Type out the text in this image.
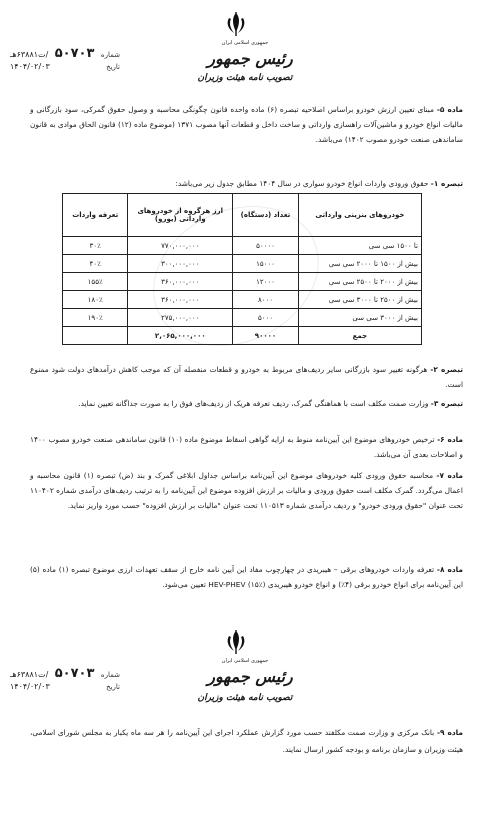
شماره
۵۰۷۰۳
/ت۶۳۸۸۱هـ
تاریخ
۱۴۰۴/۰۲/۰۳
جمهوری اسلامی ایران
رئیس جمهور
تصویب نامه هیئت وزیران
ماده ۵- مبنای تعیین ارزش خودرو براساس اصلاحیه تبصره (۶) ماده واحده قانون چگونگی محاسبه و وصول حقوق گمرکی، سود بازرگانی و مالیات انواع خودرو و ماشین‌آلات راهسازی وارداتی و ساخت داخل و قطعات آنها مصوب ۱۳۷۱ (موضوع ماده (۱۲) قانون الحاق موادی به قانون ساماندهی صنعت خودرو مصوب ۱۴۰۲) می‌باشد.
تبصره ۱- حقوق ورودی واردات انواع خودرو سواری در سال ۱۴۰۴ مطابق جدول زیر می‌باشد:
خودروهای بنزینی وارداتی	تعداد (دستگاه)	ارز هرگروه از خودروهای وارداتی (یورو)	تعرفه واردات
تا ۱۵۰۰ سی سی	۵۰۰۰۰	۷۷۰,۰۰۰,۰۰۰	۳۰٪
بیش از ۱۵۰۰ تا ۲۰۰۰ سی سی	۱۵۰۰۰	۳۰۰,۰۰۰,۰۰۰	۴۰٪
بیش از ۲۰۰۰ تا ۲۵۰۰ سی سی	۱۲۰۰۰	۳۶۰,۰۰۰,۰۰۰	۱۵۵٪
بیش از ۲۵۰۰ تا ۳۰۰۰ سی سی	۸۰۰۰	۳۶۰,۰۰۰,۰۰۰	۱۸۰٪
بیش از ۳۰۰۰ سی سی	۵۰۰۰	۲۷۵,۰۰۰,۰۰۰	۱۹۰٪
جمع	۹۰۰۰۰	۲,۰۶۵,۰۰۰,۰۰۰	
تبصره ۲- هرگونه تغییر سود بازرگانی سایر ردیف‌های مربوط به خودرو و قطعات منفصله آن که موجب کاهش درآمدهای دولت شود ممنوع است.
تبصره ۳- وزارت صمت مکلف است با هماهنگی گمرک، ردیف تعرفه هریک از ردیف‌های فوق را به صورت جداگانه تعیین نماید.
ماده ۶- ترخیص خودروهای موضوع این آیین‌نامه منوط به ارایه گواهی اسقاط موضوع ماده (۱۰) قانون ساماندهی صنعت خودرو مصوب ۱۴۰۰ و اصلاحات بعدی آن می‌باشد.
ماده ۷- محاسبه حقوق ورودی کلیه خودروهای موضوع این آیین‌نامه براساس جداول ابلاغی گمرک و بند (ض) تبصره (۱) قانون محاسبه و اعمال می‌گردد. گمرک مکلف است حقوق ورودی و مالیات بر ارزش افزوده موضوع این آیین‌نامه را به ترتیب ردیف‌های درآمدی شماره ۱۱۰۴۰۲ تحت عنوان "حقوق ورودی خودرو" و ردیف درآمدی شماره ۱۱۰۵۱۳ تحت عنوان "مالیات بر ارزش افزوده" حسب مورد واریز نماید.
ماده ۸- تعرفه واردات خودروهای برقی – هیبریدی در چهارچوب مفاد این آیین نامه خارج از سقف تعهدات ارزی موضوع تبصره (۱) ماده (۵) این آیین‌نامه برای انواع خودرو برقی (۴٪) و انواع خودرو هیبریدی HEV-PHEV (۱۵٪) تعیین می‌شود.
شماره
۵۰۷۰۳
/ت۶۳۸۸۱هـ
تاریخ
۱۴۰۴/۰۲/۰۳
جمهوری اسلامی ایران
رئیس جمهور
تصویب نامه هیئت وزیران
ماده ۹- بانک مرکزی و وزارت صمت مکلفند حسب مورد گزارش عملکرد اجرای این آیین‌نامه را هر سه ماه یکبار به مجلس شورای اسلامی، هیئت وزیران و سازمان برنامه و بودجه کشور ارسال نمایند.
